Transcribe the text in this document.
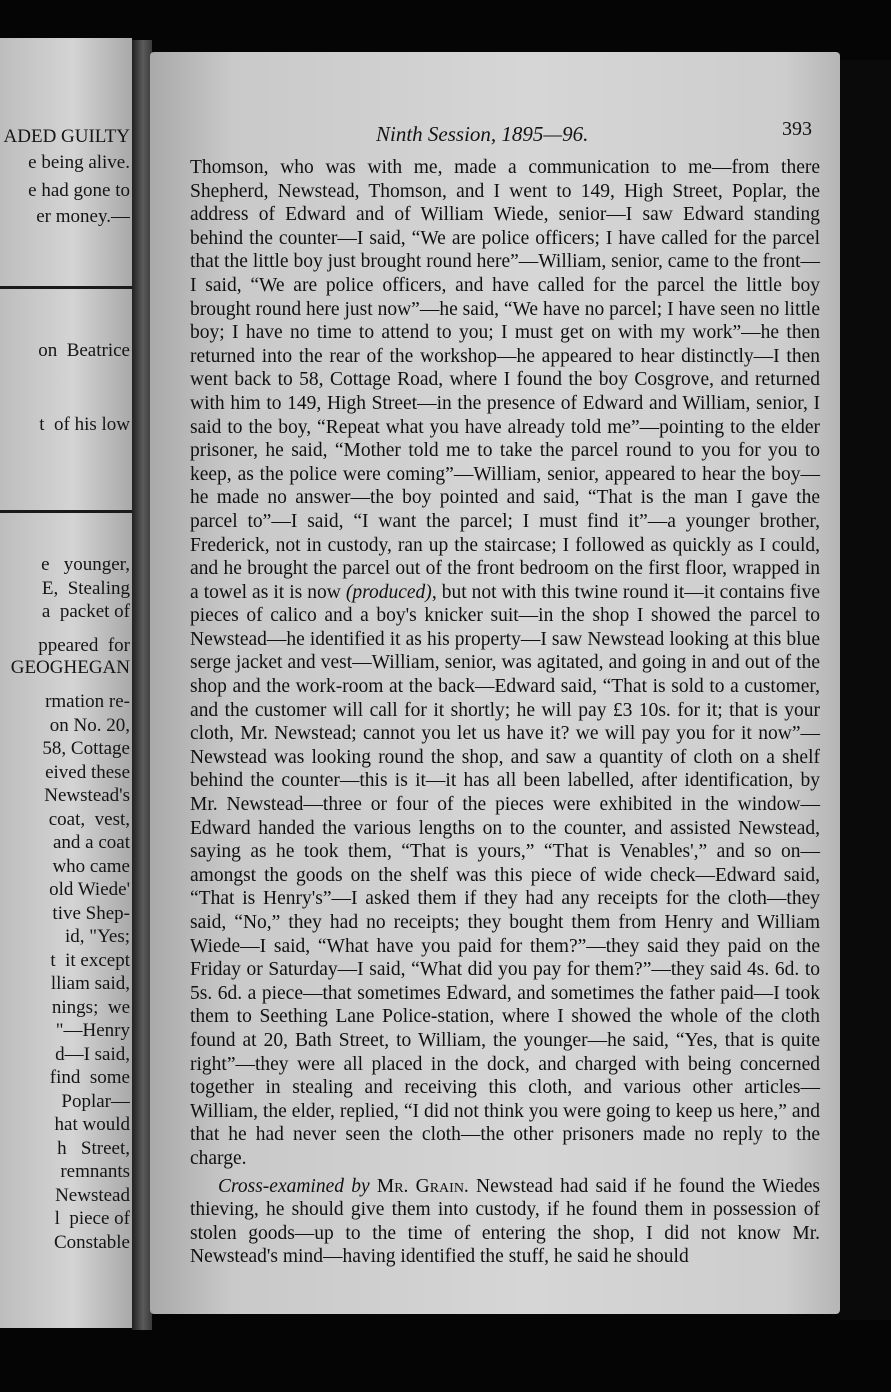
ADED GUILTY
e being alive.
e had gone to
er money.—
on  Beatrice
t  of his low
e   younger,
E,  Stealing
a  packet of
ppeared  for
GEOGHEGAN
rmation re-
on No. 20,
58, Cottage
eived these
Newstead's
coat,  vest,
and a coat
who came
old Wiede'
tive Shep-
id, "Yes;
t  it except
lliam said,
nings;  we
"—Henry
d—I said,
find  some
Poplar—
hat would
h   Street,
remnants
Newstead
l  piece of
Constable
Ninth Session, 1895—96.	393

Thomson, who was with me, made a communication to me—from there Shepherd, Newstead, Thomson, and I went to 149, High Street, Poplar, the address of Edward and of William Wiede, senior—I saw Edward standing behind the counter—I said, “We are police officers; I have called for the parcel that the little boy just brought round here”—William, senior, came to the front—I said, “We are police officers, and have called for the parcel the little boy brought round here just now”—he said, “We have no parcel; I have seen no little boy; I have no time to attend to you; I must get on with my work”—he then returned into the rear of the workshop—he appeared to hear distinctly—I then went back to 58, Cottage Road, where I found the boy Cosgrove, and returned with him to 149, High Street—in the presence of Edward and William, senior, I said to the boy, “Repeat what you have already told me”—pointing to the elder prisoner, he said, “Mother told me to take the parcel round to you for you to keep, as the police were coming”—William, senior, appeared to hear the boy—he made no answer—the boy pointed and said, “That is the man I gave the parcel to”—I said, “I want the parcel; I must find it”—a younger brother, Frederick, not in custody, ran up the staircase; I followed as quickly as I could, and he brought the parcel out of the front bedroom on the first floor, wrapped in a towel as it is now (produced), but not with this twine round it—it contains five pieces of calico and a boy's knicker suit—in the shop I showed the parcel to Newstead—he identified it as his property—I saw Newstead looking at this blue serge jacket and vest—William, senior, was agitated, and going in and out of the shop and the work-room at the back—Edward said, “That is sold to a customer, and the customer will call for it shortly; he will pay £3 10s. for it; that is your cloth, Mr. Newstead; cannot you let us have it? we will pay you for it now”—Newstead was looking round the shop, and saw a quantity of cloth on a shelf behind the counter—this is it—it has all been labelled, after identification, by Mr. Newstead—three or four of the pieces were exhibited in the window—Edward handed the various lengths on to the counter, and assisted Newstead, saying as he took them, “That is yours,” “That is Venables',” and so on—amongst the goods on the shelf was this piece of wide check—Edward said, “That is Henry's”—I asked them if they had any receipts for the cloth—they said, “No,” they had no receipts; they bought them from Henry and William Wiede—I said, “What have you paid for them?”—they said they paid on the Friday or Saturday—I said, “What did you pay for them?”—they said 4s. 6d. to 5s. 6d. a piece—that sometimes Edward, and sometimes the father paid—I took them to Seething Lane Police-station, where I showed the whole of the cloth found at 20, Bath Street, to William, the younger—he said, “Yes, that is quite right”—they were all placed in the dock, and charged with being concerned together in stealing and receiving this cloth, and various other articles—William, the elder, replied, “I did not think you were going to keep us here,” and that he had never seen the cloth—the other prisoners made no reply to the charge.

Cross-examined by Mr. Grain. Newstead had said if he found the Wiedes thieving, he should give them into custody, if he found them in possession of stolen goods—up to the time of entering the shop, I did not know Mr. Newstead's mind—having identified the stuff, he said he should
